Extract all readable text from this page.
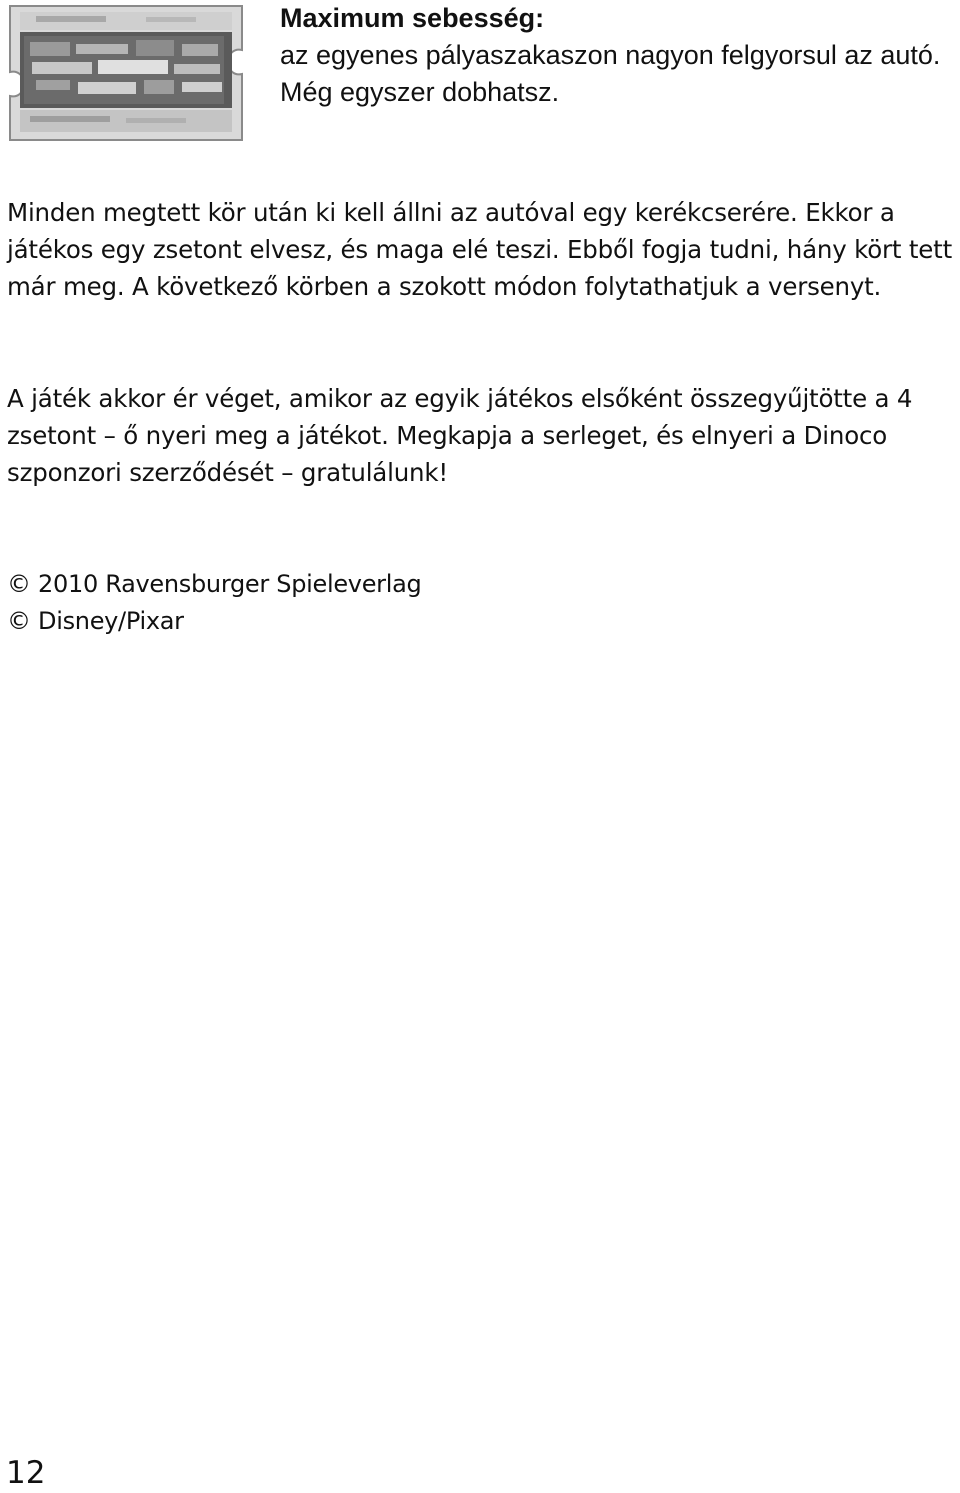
Maximum sebesség:
az egyenes pályaszakaszon nagyon felgyorsul az autó. Még egyszer dobhatsz.

Minden megtett kör után ki kell állni az autóval egy kerékcserére. Ekkor a játékos egy zsetont elvesz, és maga elé teszi. Ebből fogja tudni, hány kört tett már meg. A következő körben a szokott módon folytathatjuk a versenyt.

A játék akkor ér véget, amikor az egyik játékos elsőként összegyűjtötte a 4 zsetont – ő nyeri meg a játékot. Megkapja a serleget, és elnyeri a Dinoco szponzori szerződését – gratulálunk!

© 2010 Ravensburger Spieleverlag
© Disney/Pixar
12
